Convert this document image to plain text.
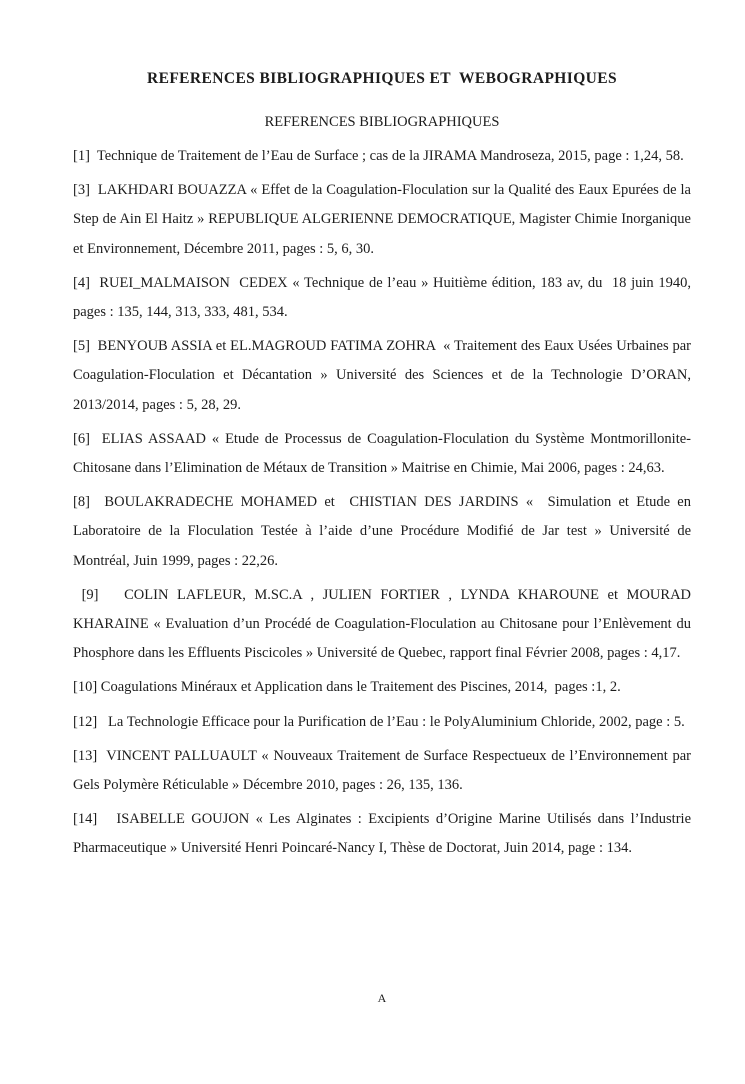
REFERENCES BIBLIOGRAPHIQUES ET  WEBOGRAPHIQUES
REFERENCES BIBLIOGRAPHIQUES

[1]  Technique de Traitement de l’Eau de Surface ; cas de la JIRAMA Mandroseza, 2015, page : 1,24, 58.

[3]  LAKHDARI BOUAZZA « Effet de la Coagulation-Floculation sur la Qualité des Eaux Epurées de la Step de Ain El Haitz » REPUBLIQUE ALGERIENNE DEMOCRATIQUE, Magister Chimie Inorganique et Environnement, Décembre 2011, pages : 5, 6, 30.

[4]  RUEI_MALMAISON  CEDEX « Technique de l’eau » Huitième édition, 183 av, du  18 juin 1940, pages : 135, 144, 313, 333, 481, 534.

[5]  BENYOUB ASSIA et EL.MAGROUD FATIMA ZOHRA  « Traitement des Eaux Usées Urbaines par Coagulation-Floculation et Décantation » Université des Sciences et de la Technologie D’ORAN, 2013/2014, pages : 5, 28, 29.

[6]  ELIAS ASSAAD « Etude de Processus de Coagulation-Floculation du Système Montmorillonite-Chitosane dans l’Elimination de Métaux de Transition » Maitrise en Chimie, Mai 2006, pages : 24,63.

[8]  BOULAKRADECHE MOHAMED et  CHISTIAN DES JARDINS «  Simulation et Etude en Laboratoire de la Floculation Testée à l’aide d’une Procédure Modifié de Jar test » Université de Montréal, Juin 1999, pages : 22,26.

[9]   COLIN LAFLEUR, M.SC.A , JULIEN FORTIER , LYNDA KHAROUNE et MOURAD KHARAINE « Evaluation d’un Procédé de Coagulation-Floculation au Chitosane pour l’Enlèvement du Phosphore dans les Effluents Piscicoles » Université de Quebec, rapport final Février 2008, pages : 4,17.

[10] Coagulations Minéraux et Application dans le Traitement des Piscines, 2014,  pages :1, 2.

[12]   La Technologie Efficace pour la Purification de l’Eau : le PolyAluminium Chloride, 2002, page : 5.

[13]  VINCENT PALLUAULT « Nouveaux Traitement de Surface Respectueux de l’Environnement par Gels Polymère Réticulable » Décembre 2010, pages : 26, 135, 136.

[14]   ISABELLE GOUJON « Les Alginates : Excipients d’Origine Marine Utilisés dans l’Industrie Pharmaceutique » Université Henri Poincaré-Nancy I, Thèse de Doctorat, Juin 2014, page : 134.

A
